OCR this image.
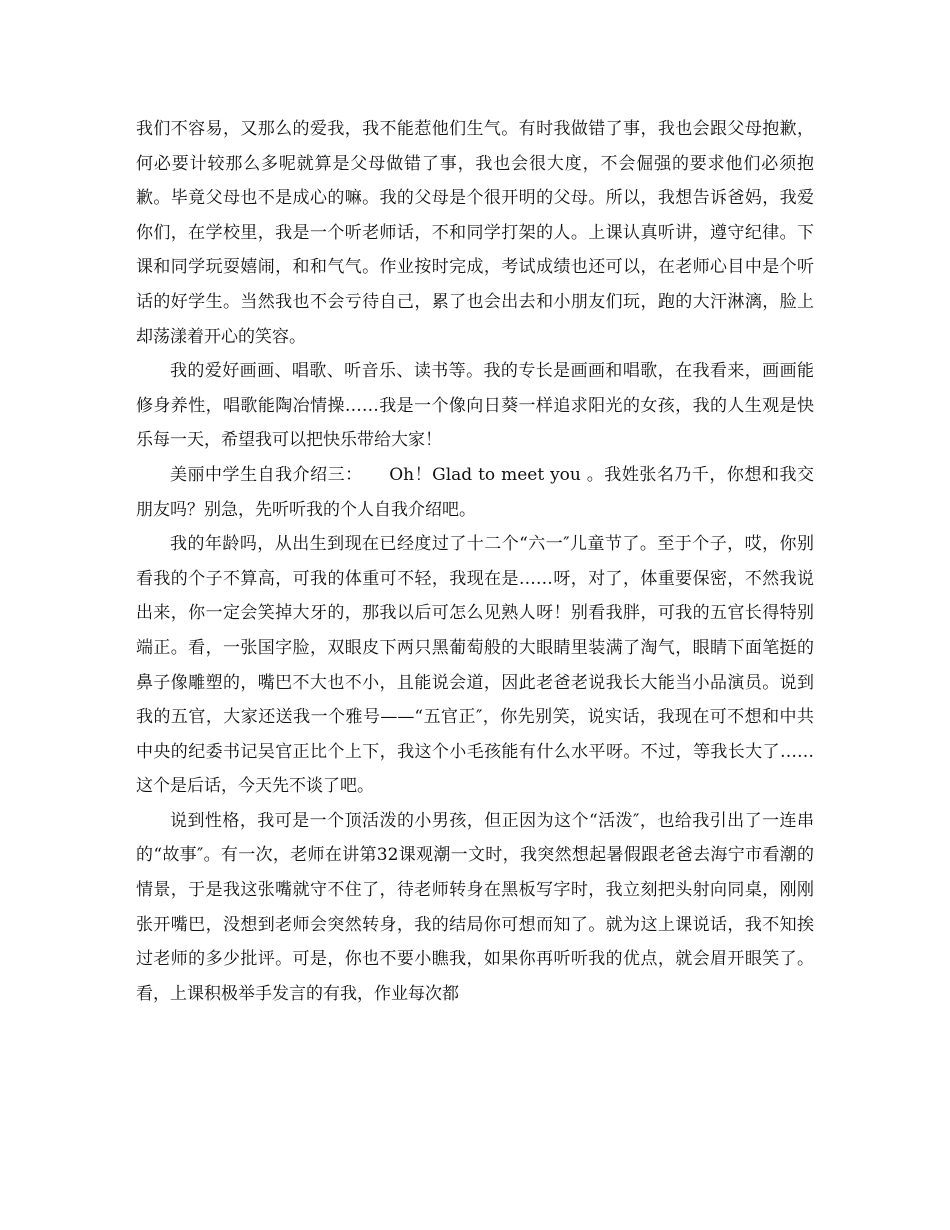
我们不容易，又那么的爱我，我不能惹他们生气。有时我做错了事，我也会跟父母抱歉，何必要计较那么多呢就算是父母做错了事，我也会很大度，不会倔强的要求他们必须抱歉。毕竟父母也不是成心的嘛。我的父母是个很开明的父母。所以，我想告诉爸妈，我爱你们，在学校里，我是一个听老师话，不和同学打架的人。上课认真听讲，遵守纪律。下课和同学玩耍嬉闹，和和气气。作业按时完成，考试成绩也还可以，在老师心目中是个听话的好学生。当然我也不会亏待自己，累了也会出去和小朋友们玩，跑的大汗淋漓，脸上却荡漾着开心的笑容。

我的爱好画画、唱歌、听音乐、读书等。我的专长是画画和唱歌，在我看来，画画能修身养性，唱歌能陶冶情操……我是一个像向日葵一样追求阳光的女孩，我的人生观是快乐每一天，希望我可以把快乐带给大家！

美丽中学生自我介绍三：　　Oh！Glad to meet you 。我姓张名乃千，你想和我交朋友吗？别急，先听听我的个人自我介绍吧。

我的年龄吗，从出生到现在已经度过了十二个“六一″儿童节了。至于个子，哎，你别看我的个子不算高，可我的体重可不轻，我现在是……呀，对了，体重要保密，不然我说出来，你一定会笑掉大牙的，那我以后可怎么见熟人呀！别看我胖，可我的五官长得特别端正。看，一张国字脸，双眼皮下两只黑葡萄般的大眼睛里装满了淘气，眼睛下面笔挺的鼻子像雕塑的，嘴巴不大也不小，且能说会道，因此老爸老说我长大能当小品演员。说到我的五官，大家还送我一个雅号——“五官正″，你先别笑，说实话，我现在可不想和中共中央的纪委书记吴官正比个上下，我这个小毛孩能有什么水平呀。不过，等我长大了……这个是后话，今天先不谈了吧。

说到性格，我可是一个顶活泼的小男孩，但正因为这个“活泼″，也给我引出了一连串的“故事″。有一次，老师在讲第32课观潮一文时，我突然想起暑假跟老爸去海宁市看潮的情景，于是我这张嘴就守不住了，待老师转身在黑板写字时，我立刻把头射向同桌，刚刚张开嘴巴，没想到老师会突然转身，我的结局你可想而知了。就为这上课说话，我不知挨过老师的多少批评。可是，你也不要小瞧我，如果你再听听我的优点，就会眉开眼笑了。看，上课积极举手发言的有我，作业每次都
